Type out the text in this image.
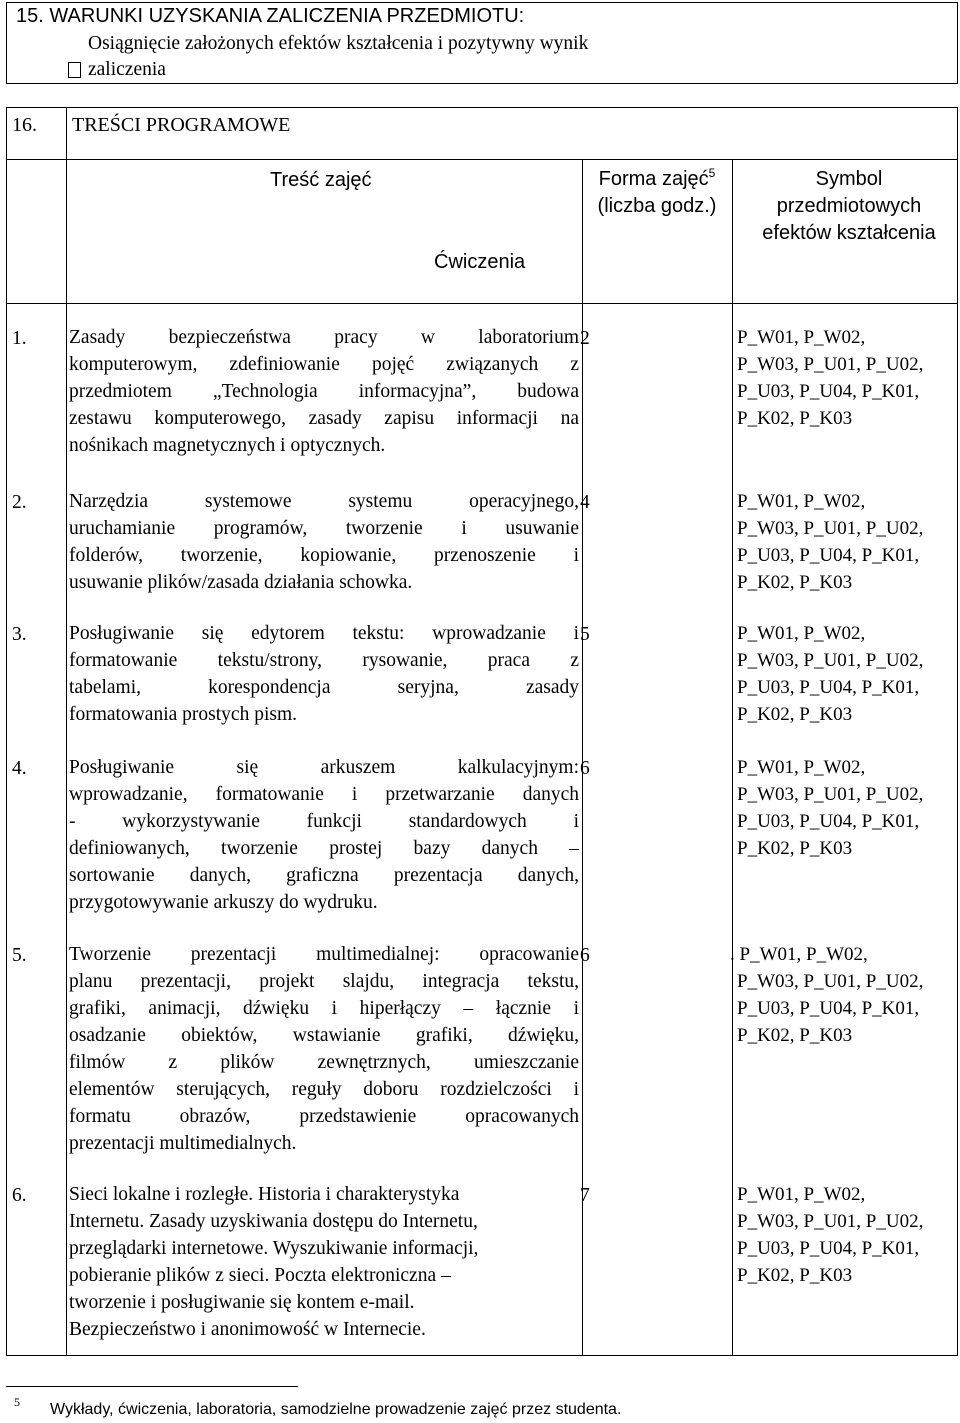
15. WARUNKI UZYSKANIA ZALICZENIA PRZEDMIOTU:
Osiągnięcie założonych efektów kształcenia i pozytywny wynik
zaliczenia
16. TREŚCI PROGRAMOWE
Treść zajęć
Ćwiczenia
Forma zajęć$^5$
(liczba godz.)
Symbol
przedmiotowych
efektów kształcenia
1. Zasady bezpieczeństwa pracy w laboratorium
komputerowym, zdefiniowanie pojęć związanych z
przedmiotem „Technologia informacyjna”, budowa
zestawu komputerowego, zasady zapisu informacji na
nośnikach magnetycznych i optycznych.
2	P_W01, P_W02,
P_W03, P_U01, P_U02,
P_U03, P_U04, P_K01,
P_K02, P_K03
2. Narzędzia systemowe systemu operacyjnego,
uruchamianie programów, tworzenie i usuwanie
folderów, tworzenie, kopiowanie, przenoszenie i
usuwanie plików/zasada działania schowka.
4	P_W01, P_W02,
P_W03, P_U01, P_U02,
P_U03, P_U04, P_K01,
P_K02, P_K03
3. Posługiwanie się edytorem tekstu: wprowadzanie i
formatowanie tekstu/strony, rysowanie, praca z
tabelami, korespondencja seryjna, zasady
formatowania prostych pism.
5	P_W01, P_W02,
P_W03, P_U01, P_U02,
P_U03, P_U04, P_K01,
P_K02, P_K03
4. Posługiwanie się arkuszem kalkulacyjnym:
wprowadzanie, formatowanie i przetwarzanie danych
- wykorzystywanie funkcji standardowych i
definiowanych, tworzenie prostej bazy danych –
sortowanie danych, graficzna prezentacja danych,
przygotowywanie arkuszy do wydruku.
6	P_W01, P_W02,
P_W03, P_U01, P_U02,
P_U03, P_U04, P_K01,
P_K02, P_K03
5. Tworzenie prezentacji multimedialnej: opracowanie
planu prezentacji, projekt slajdu, integracja tekstu,
grafiki, animacji, dźwięku i hiperłączy – łącznie i
osadzanie obiektów, wstawianie grafiki, dźwięku,
filmów z plików zewnętrznych, umieszczanie
elementów sterujących, reguły doboru rozdzielczości i
formatu obrazów, przedstawienie opracowanych
prezentacji multimedialnych.
6	. P_W01, P_W02,
P_W03, P_U01, P_U02,
P_U03, P_U04, P_K01,
P_K02, P_K03
6. Sieci lokalne i rozległe. Historia i charakterystyka
Internetu. Zasady uzyskiwania dostępu do Internetu,
przeglądarki internetowe. Wyszukiwanie informacji,
pobieranie plików z sieci. Poczta elektroniczna –
tworzenie i posługiwanie się kontem e-mail.
Bezpieczeństwo i anonimowość w Internecie.
7	P_W01, P_W02,
P_W03, P_U01, P_U02,
P_U03, P_U04, P_K01,
P_K02, P_K03
5 Wykłady, ćwiczenia, laboratoria, samodzielne prowadzenie zajęć przez studenta.
